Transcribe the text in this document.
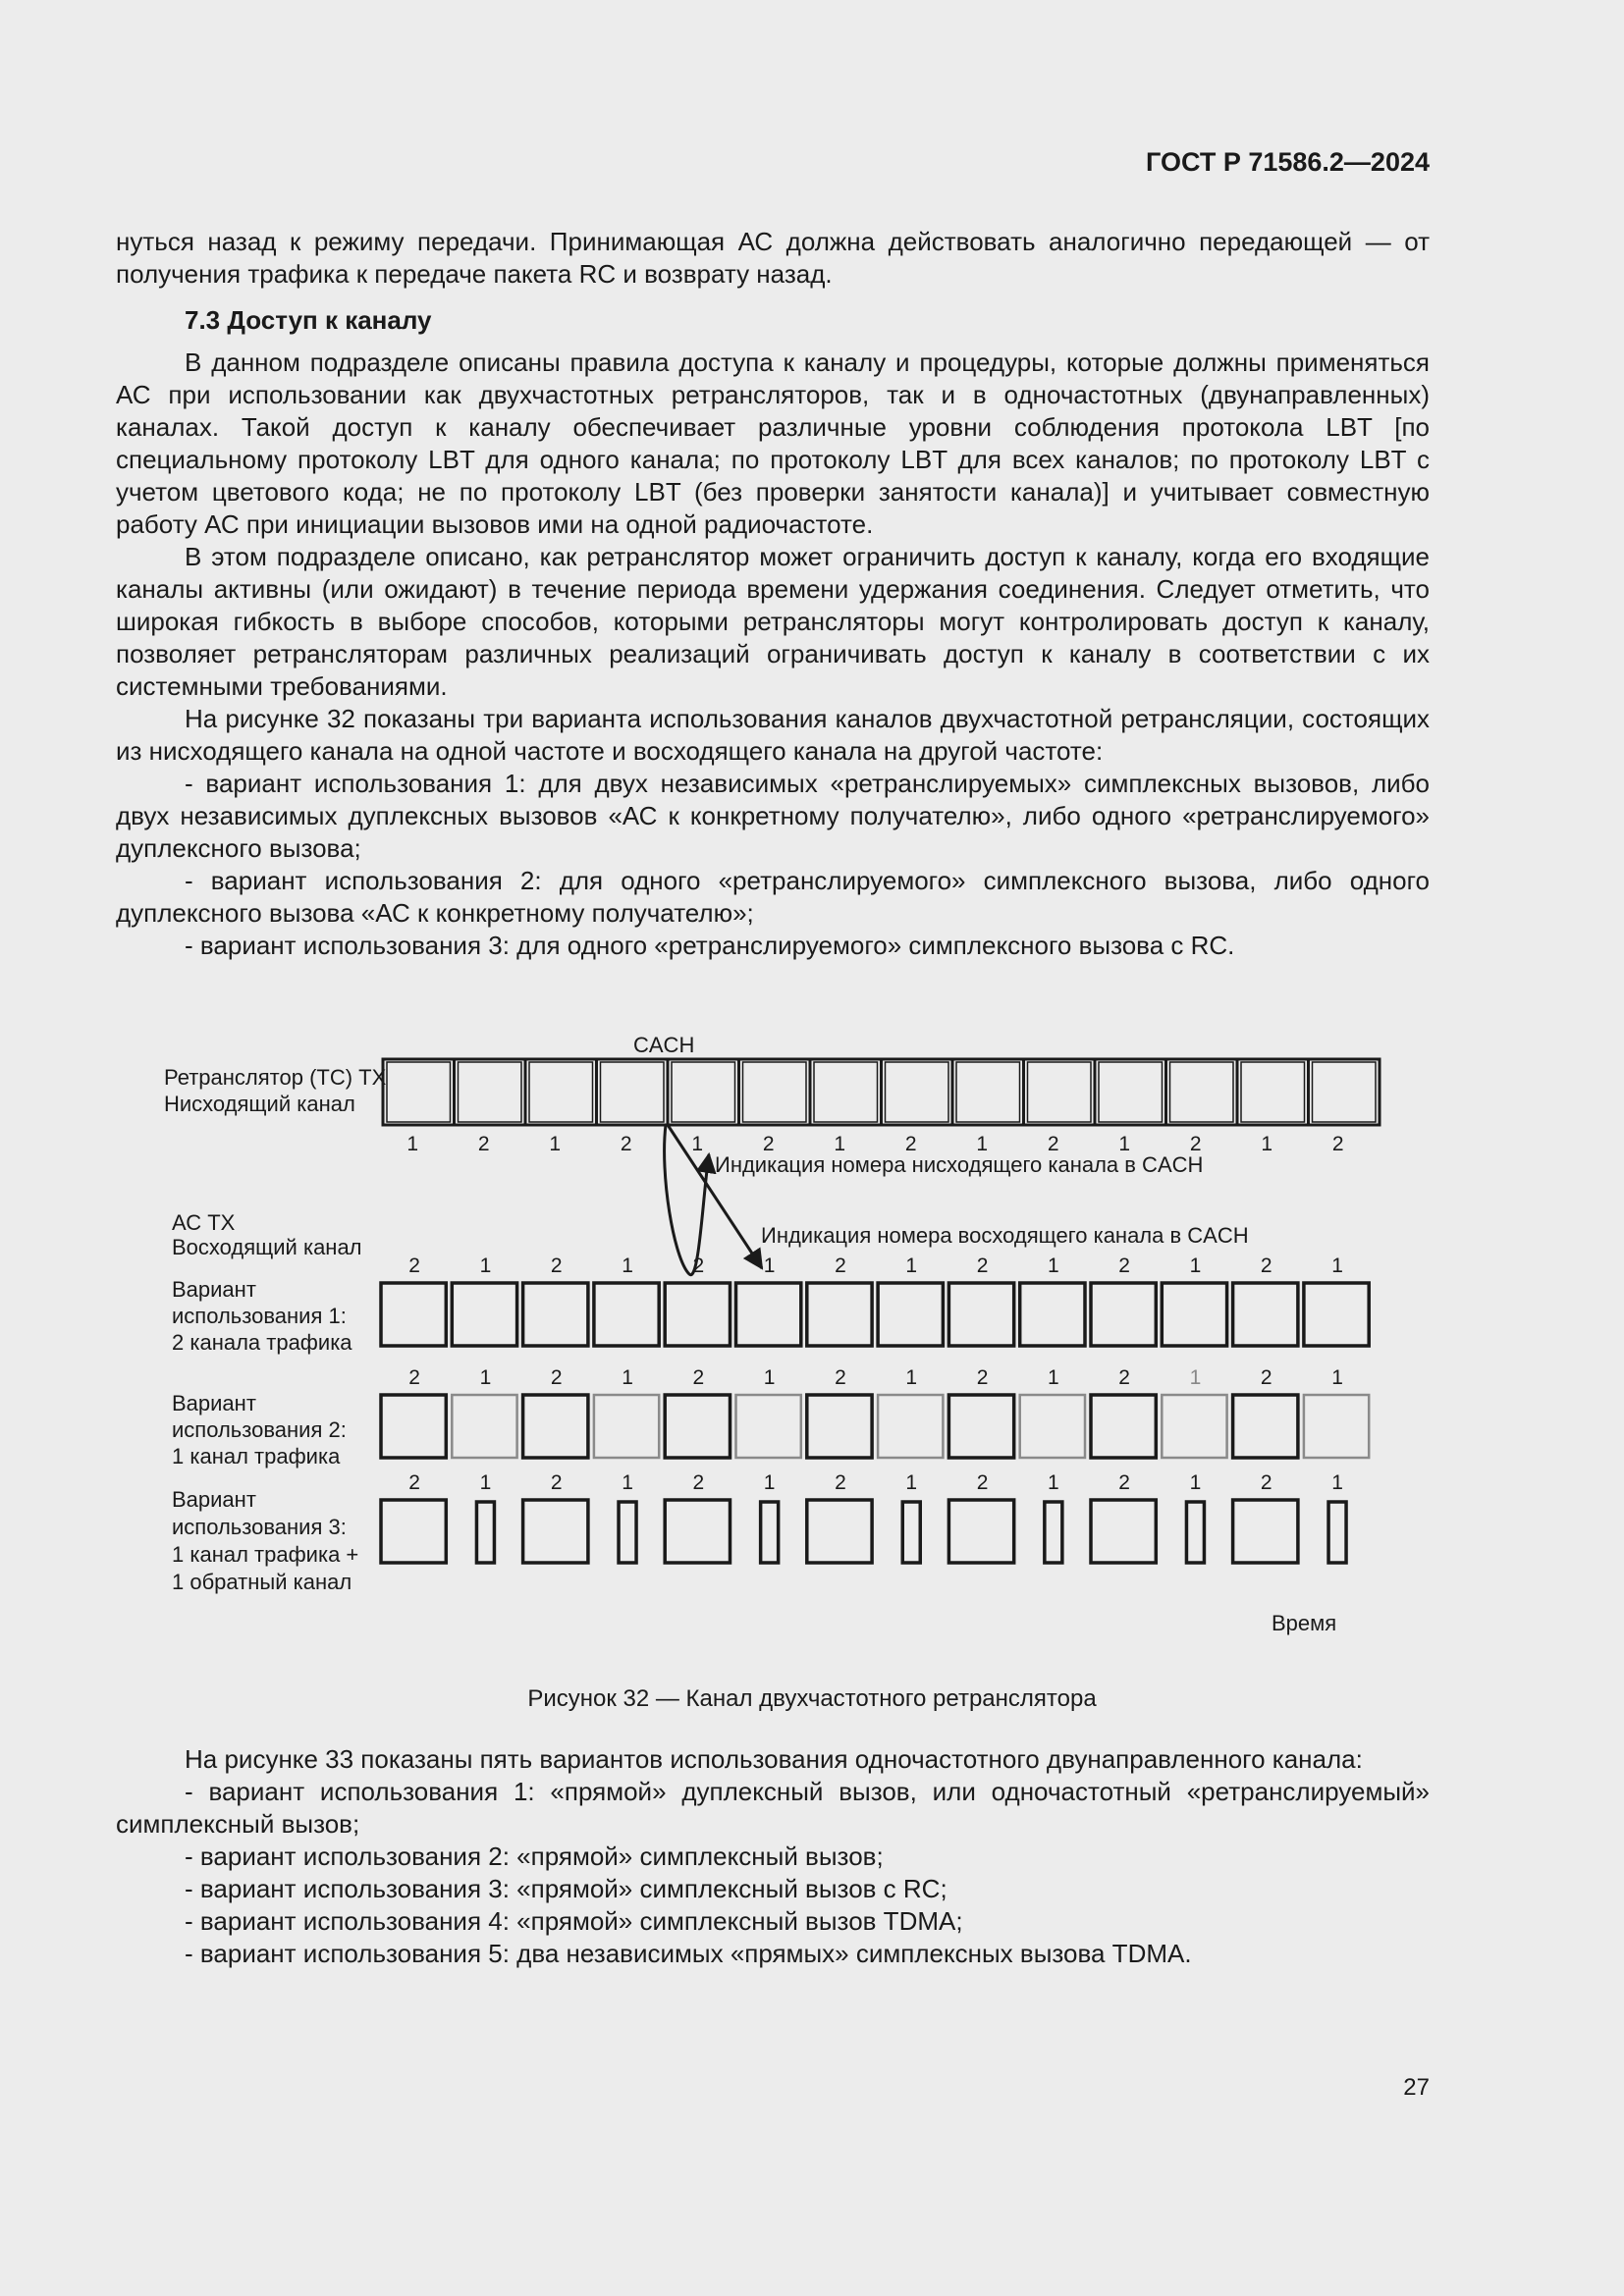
ГОСТ Р 71586.2—2024

нуться назад к режиму передачи. Принимающая АС должна действовать аналогично передающей — от получения трафика к передаче пакета RC и возврату назад.

7.3 Доступ к каналу

В данном подразделе описаны правила доступа к каналу и процедуры, которые должны применяться АС при использовании как двухчастотных ретрансляторов, так и в одночастотных (двунаправленных) каналах. Такой доступ к каналу обеспечивает различные уровни соблюдения протокола LBT [по специальному протоколу LBT для одного канала; по протоколу LBT для всех каналов; по протоколу LBT с учетом цветового кода; не по протоколу LBT (без проверки занятости канала)] и учитывает совместную работу АС при инициации вызовов ими на одной радиочастоте.

В этом подразделе описано, как ретранслятор может ограничить доступ к каналу, когда его входящие каналы активны (или ожидают) в течение периода времени удержания соединения. Следует отметить, что широкая гибкость в выборе способов, которыми ретрансляторы могут контролировать доступ к каналу, позволяет ретрансляторам различных реализаций ограничивать доступ к каналу в соответствии с их системными требованиями.

На рисунке 32 показаны три варианта использования каналов двухчастотной ретрансляции, состоящих из нисходящего канала на одной частоте и восходящего канала на другой частоте:

- вариант использования 1: для двух независимых «ретранслируемых» симплексных вызовов, либо двух независимых дуплексных вызовов «АС к конкретному получателю», либо одного «ретранслируемого» дуплексного вызова;

- вариант использования 2: для одного «ретранслируемого» симплексного вызова, либо одного дуплексного вызова «АС к конкретному получателю»;

- вариант использования 3: для одного «ретранслируемого» симплексного вызова с RC.

CACH
Ретранслятор (TC) TX
Нисходящий канал
Индикация номера нисходящего канала в CACH
АС TX
Восходящий канал	Индикация номера восходящего канала в CACH
Вариант
использования 1:
2 канала трафика
Вариант
использования 2:
1 канал трафика
Вариант
использования 3:
1 канал трафика +
1 обратный канал
Время
1	2	1	2	1	2	1	2	1	2	1	2	1	2
2	1	2	1	2	1	2	1	2	1	2	1	2	1
2	1	2	1	2	1	2	1	2	1	2	1	2	1
2	1	2	1	2	1	2	1	2	1	2	1	2	1
Рисунок 32 — Канал двухчастотного ретранслятора

На рисунке 33 показаны пять вариантов использования одночастотного двунаправленного канала:

- вариант использования 1: «прямой» дуплексный вызов, или одночастотный «ретранслируемый» симплексный вызов;

- вариант использования 2: «прямой» симплексный вызов;

- вариант использования 3: «прямой» симплексный вызов с RC;

- вариант использования 4: «прямой» симплексный вызов TDMA;

- вариант использования 5: два независимых «прямых» симплексных вызова TDMA.

27
